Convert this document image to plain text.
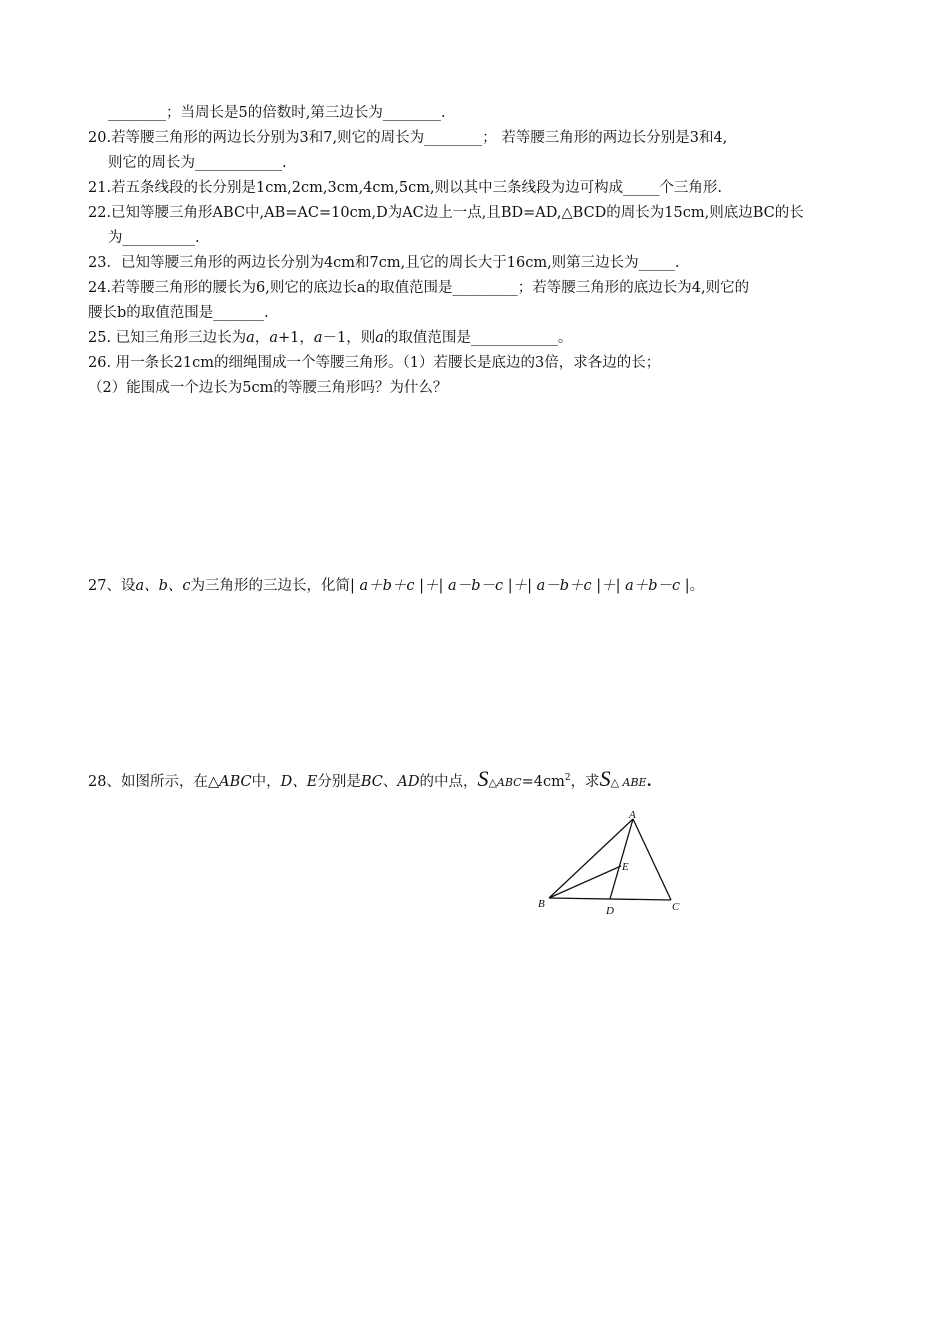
________；当周长是5的倍数时,第三边长为________.
20.若等腰三角形的两边长分别为3和7,则它的周长为________； 若等腰三角形的两边长分别是3和4,
则它的周长为____________.
21.若五条线段的长分别是1cm,2cm,3cm,4cm,5cm,则以其中三条线段为边可构成_____个三角形.
22.已知等腰三角形ABC中,AB=AC=10cm,D为AC边上一点,且BD=AD,△BCD的周长为15cm,则底边BC的长
为__________.
23．已知等腰三角形的两边长分别为4cm和7cm,且它的周长大于16cm,则第三边长为_____.
24.若等腰三角形的腰长为6,则它的底边长a的取值范围是_________；若等腰三角形的底边长为4,则它的
腰长b的取值范围是_______.
25. 已知三角形三边长为a，a+1，a－1，则a的取值范围是____________。
26. 用一条长21cm的细绳围成一个等腰三角形。（1）若腰长是底边的3倍，求各边的长；
（2）能围成一个边长为5cm的等腰三角形吗？为什么？
27、设a、b、c为三角形的三边长，化简| a＋b＋c |＋| a－b－c |＋| a－b＋c |＋| a＋b－c |。
28、如图所示，在△ABC中，D、E分别是BC、AD的中点，$S\triangle ABC=4cm^2$，求S△ ABE.
A
B	C
D
E
